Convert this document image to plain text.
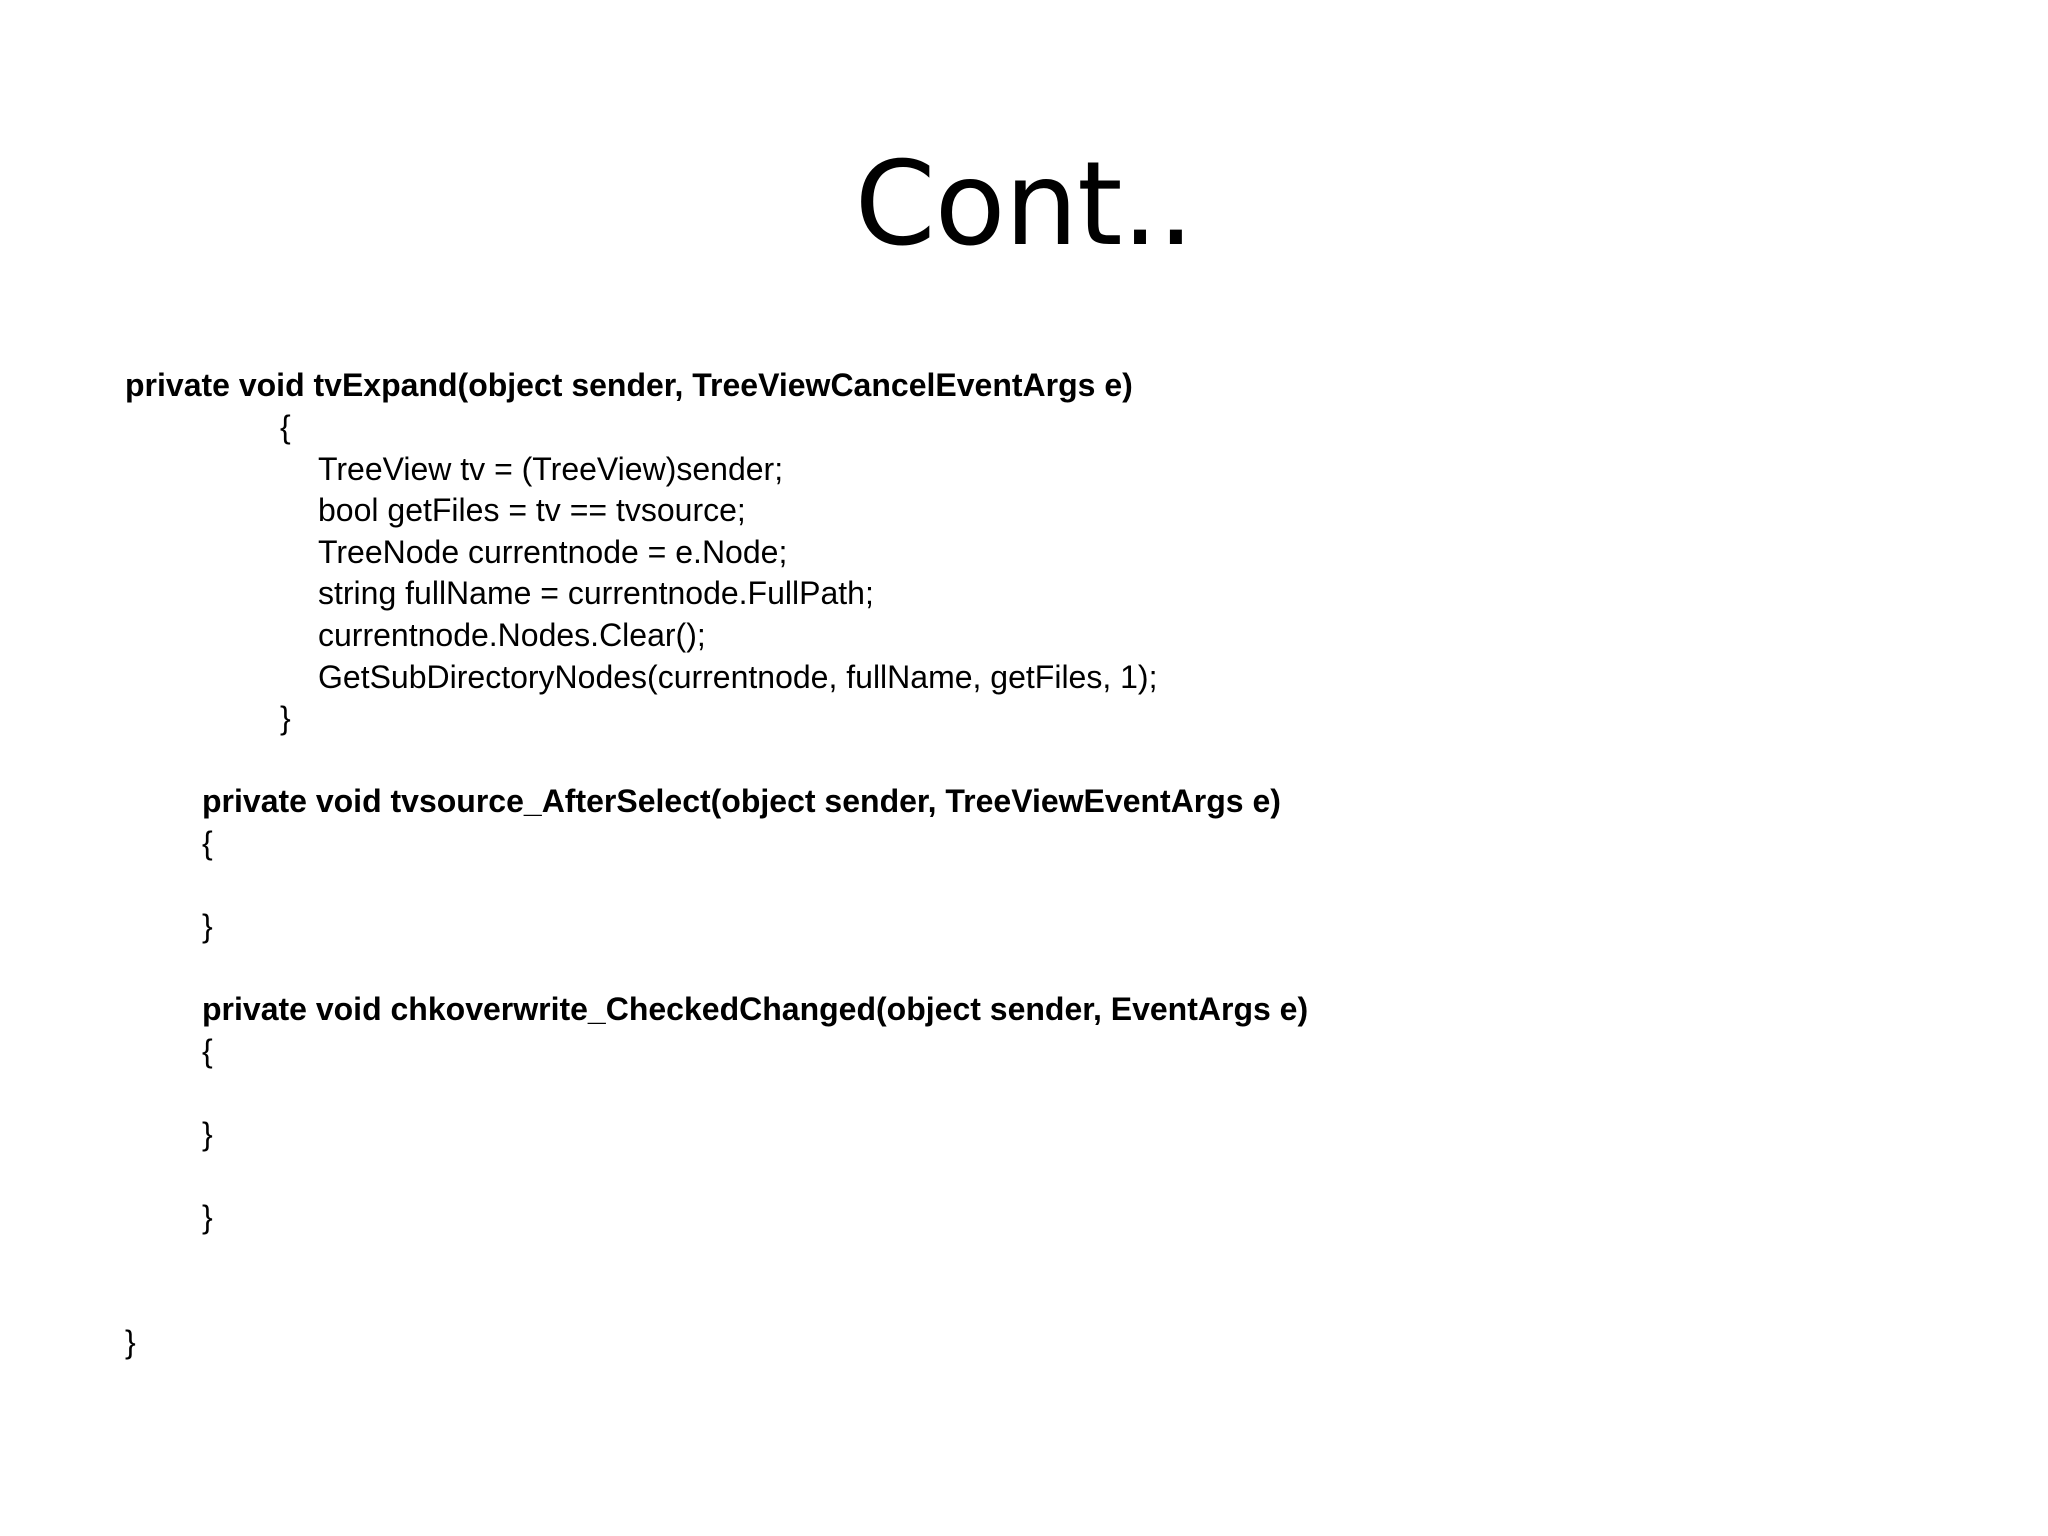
Cont..
private void tvExpand(object sender, TreeViewCancelEventArgs e)
{
TreeView tv = (TreeView)sender;
bool getFiles = tv == tvsource;
TreeNode currentnode = e.Node;
string fullName = currentnode.FullPath;
currentnode.Nodes.Clear();
GetSubDirectoryNodes(currentnode, fullName, getFiles, 1);
}
private void tvsource_AfterSelect(object sender, TreeViewEventArgs e)
{
}
private void chkoverwrite_CheckedChanged(object sender, EventArgs e)
{
}
}
}
